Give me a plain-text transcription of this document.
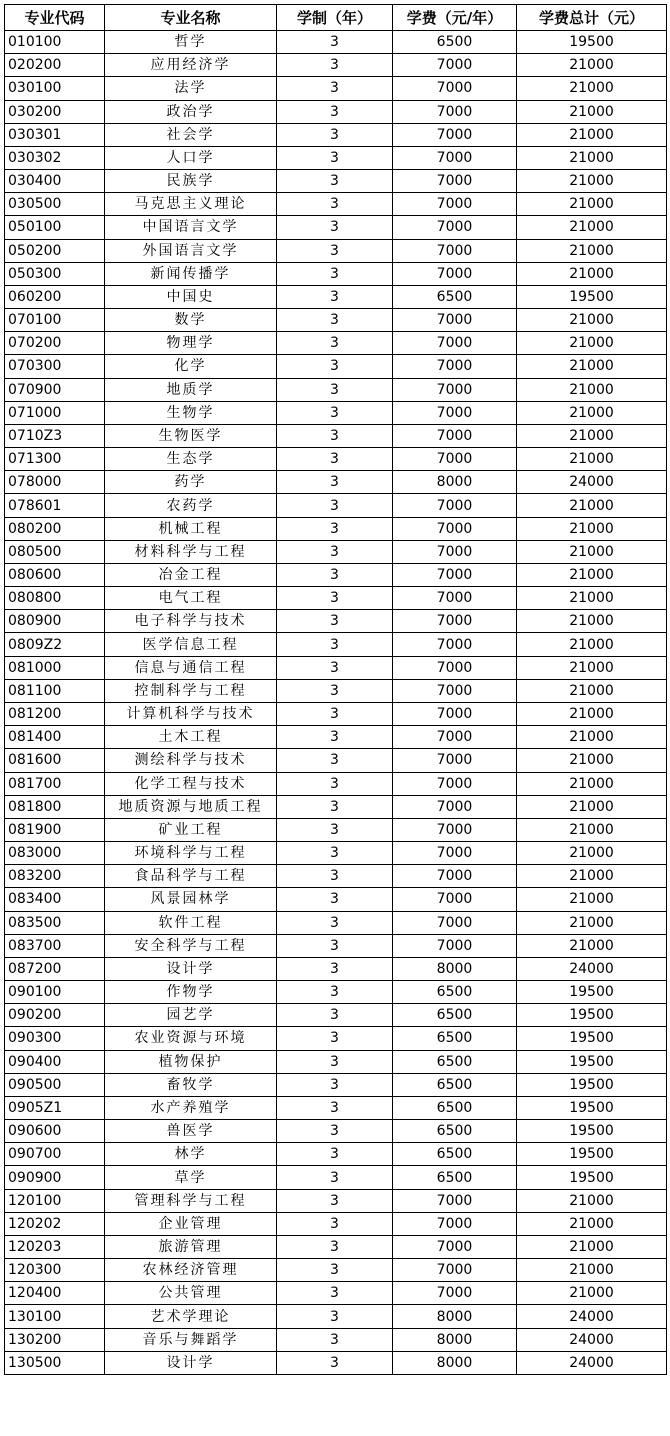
专业代码	专业名称	学制（年）	学费（元/年）	学费总计（元）
010100	哲学	3	6500	19500
020200	应用经济学	3	7000	21000
030100	法学	3	7000	21000
030200	政治学	3	7000	21000
030301	社会学	3	7000	21000
030302	人口学	3	7000	21000
030400	民族学	3	7000	21000
030500	马克思主义理论	3	7000	21000
050100	中国语言文学	3	7000	21000
050200	外国语言文学	3	7000	21000
050300	新闻传播学	3	7000	21000
060200	中国史	3	6500	19500
070100	数学	3	7000	21000
070200	物理学	3	7000	21000
070300	化学	3	7000	21000
070900	地质学	3	7000	21000
071000	生物学	3	7000	21000
0710Z3	生物医学	3	7000	21000
071300	生态学	3	7000	21000
078000	药学	3	8000	24000
078601	农药学	3	7000	21000
080200	机械工程	3	7000	21000
080500	材料科学与工程	3	7000	21000
080600	冶金工程	3	7000	21000
080800	电气工程	3	7000	21000
080900	电子科学与技术	3	7000	21000
0809Z2	医学信息工程	3	7000	21000
081000	信息与通信工程	3	7000	21000
081100	控制科学与工程	3	7000	21000
081200	计算机科学与技术	3	7000	21000
081400	土木工程	3	7000	21000
081600	测绘科学与技术	3	7000	21000
081700	化学工程与技术	3	7000	21000
081800	地质资源与地质工程	3	7000	21000
081900	矿业工程	3	7000	21000
083000	环境科学与工程	3	7000	21000
083200	食品科学与工程	3	7000	21000
083400	风景园林学	3	7000	21000
083500	软件工程	3	7000	21000
083700	安全科学与工程	3	7000	21000
087200	设计学	3	8000	24000
090100	作物学	3	6500	19500
090200	园艺学	3	6500	19500
090300	农业资源与环境	3	6500	19500
090400	植物保护	3	6500	19500
090500	畜牧学	3	6500	19500
0905Z1	水产养殖学	3	6500	19500
090600	兽医学	3	6500	19500
090700	林学	3	6500	19500
090900	草学	3	6500	19500
120100	管理科学与工程	3	7000	21000
120202	企业管理	3	7000	21000
120203	旅游管理	3	7000	21000
120300	农林经济管理	3	7000	21000
120400	公共管理	3	7000	21000
130100	艺术学理论	3	8000	24000
130200	音乐与舞蹈学	3	8000	24000
130500	设计学	3	8000	24000
